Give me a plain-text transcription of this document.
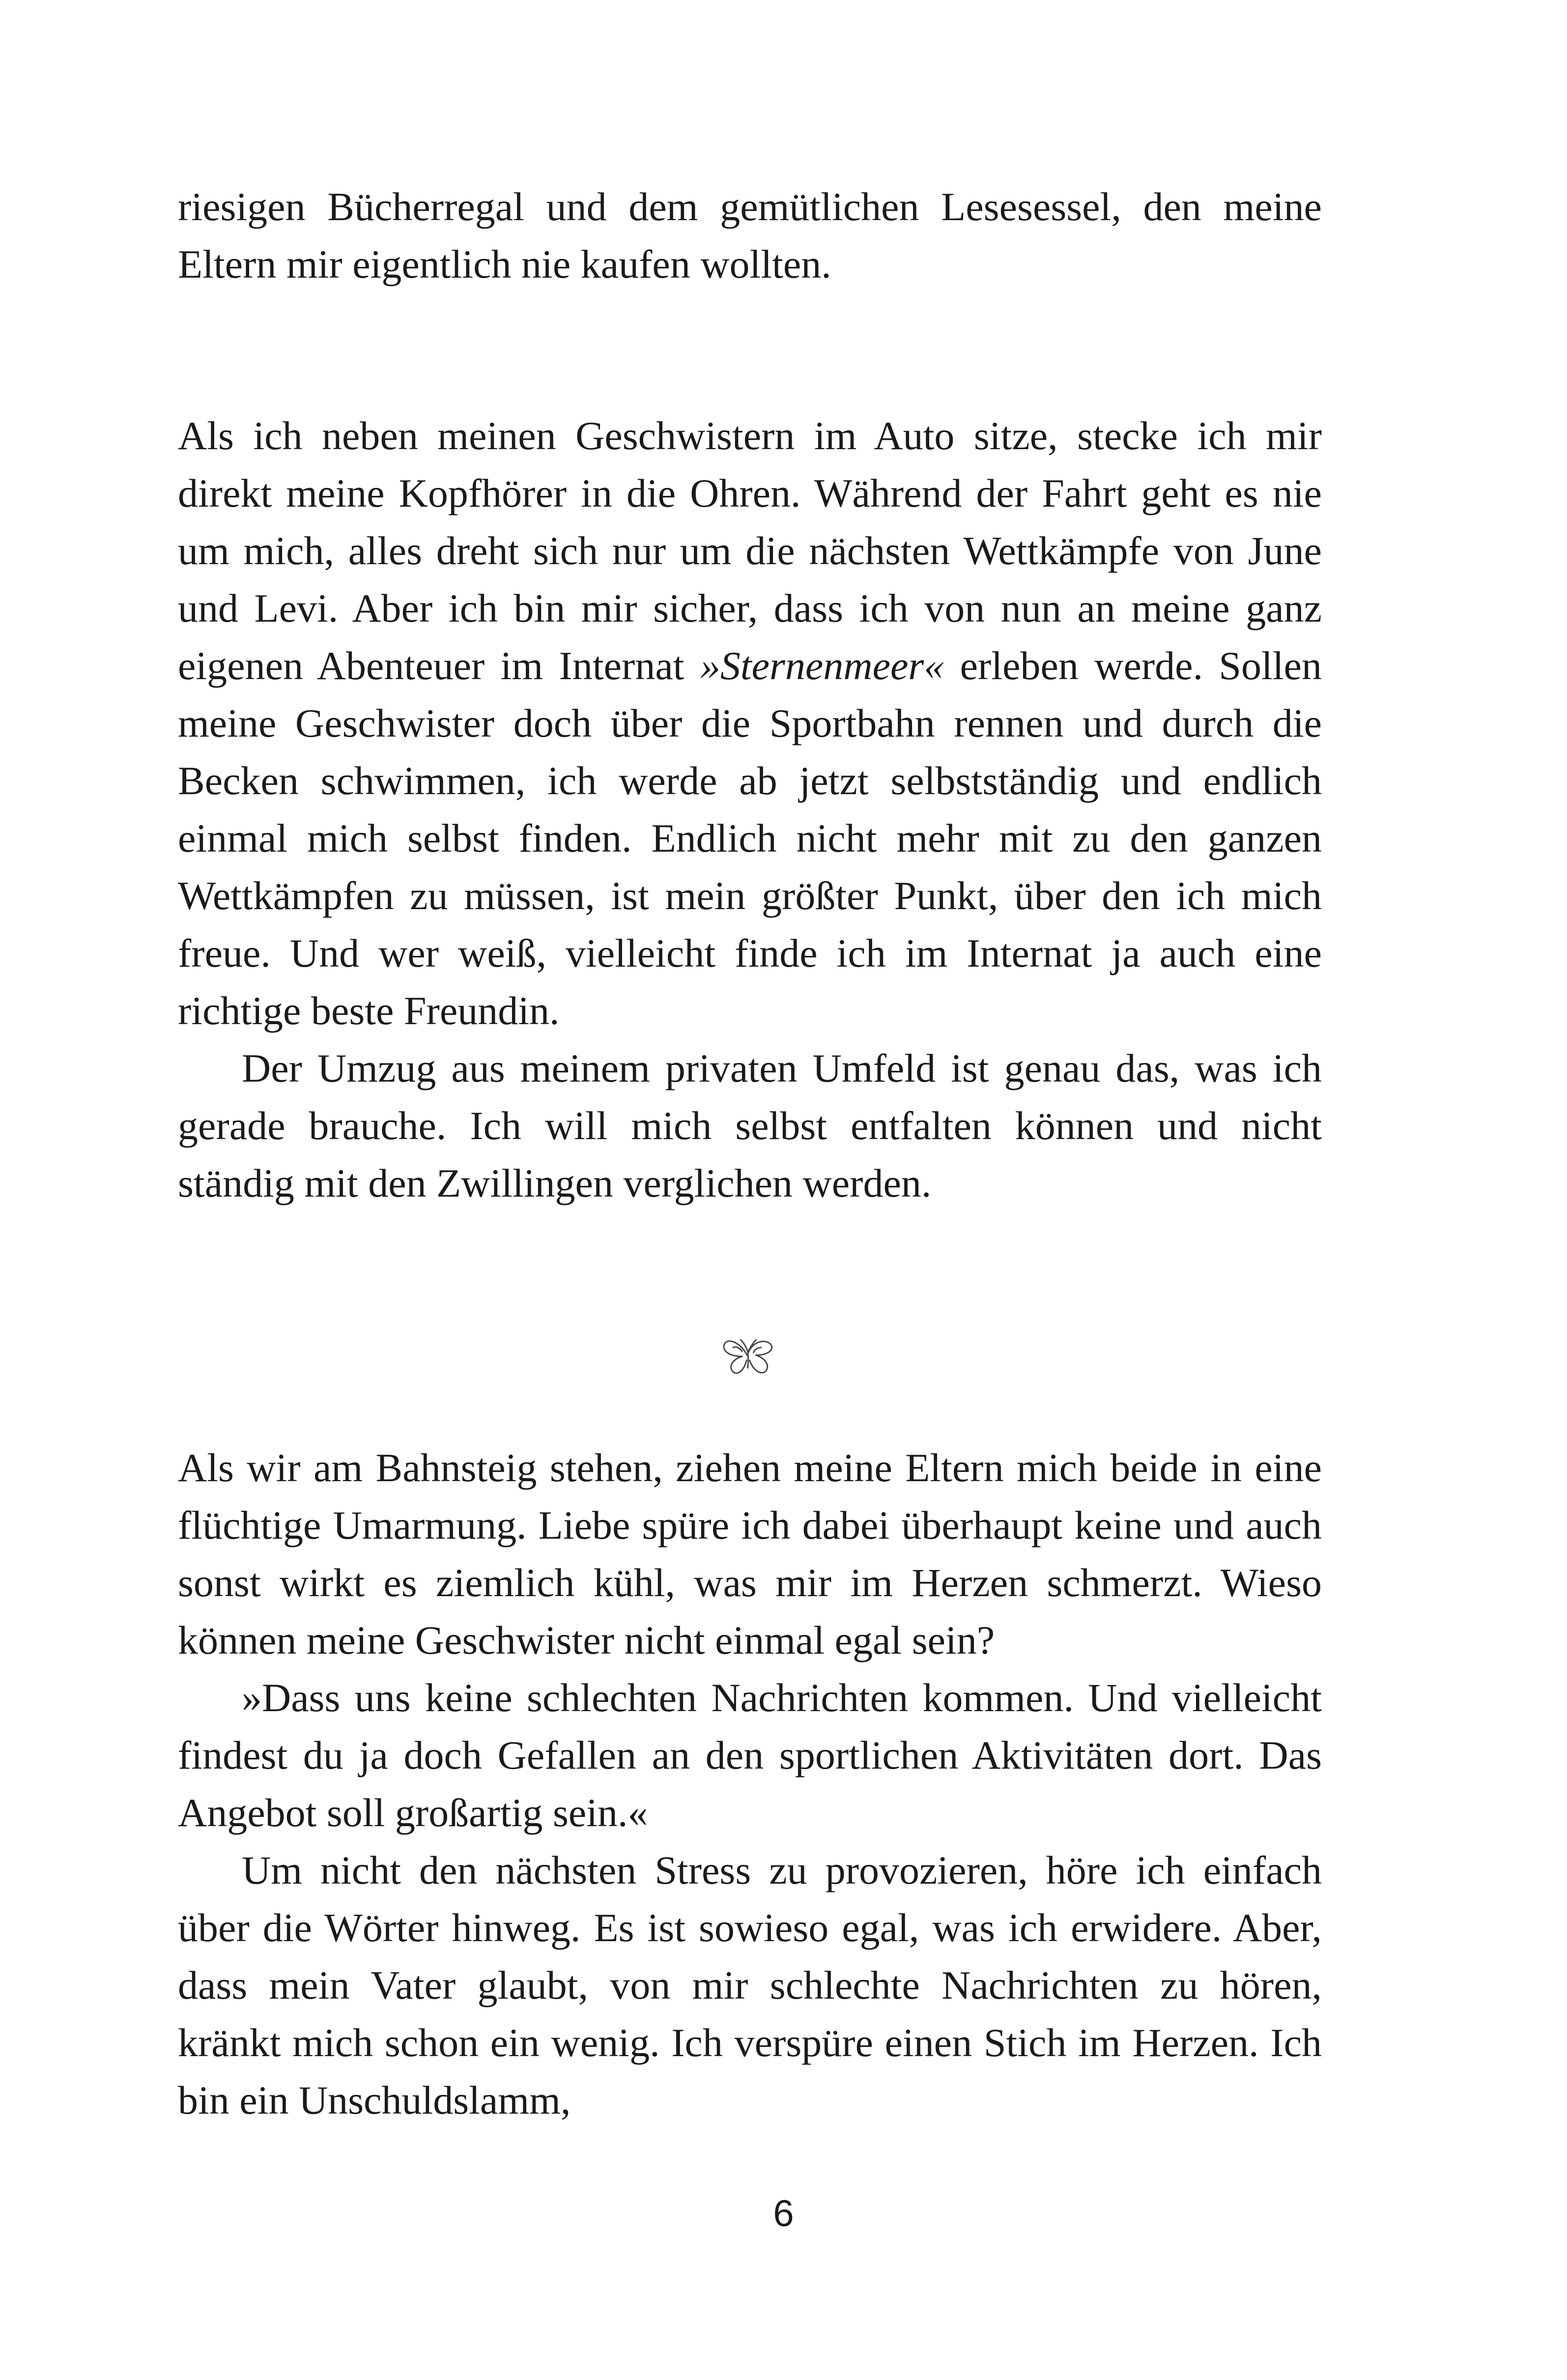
riesigen Bücherregal und dem gemütlichen Lesesessel, den meine Eltern mir eigentlich nie kaufen wollten.

Als ich neben meinen Geschwistern im Auto sitze, stecke ich mir direkt meine Kopfhörer in die Ohren. Während der Fahrt geht es nie um mich, alles dreht sich nur um die nächsten Wettkämpfe von June und Levi. Aber ich bin mir sicher, dass ich von nun an meine ganz eigenen Abenteuer im Internat »Sternenmeer« erleben werde. Sollen meine Geschwister doch über die Sportbahn rennen und durch die Becken schwimmen, ich werde ab jetzt selbstständig und endlich einmal mich selbst finden. Endlich nicht mehr mit zu den ganzen Wettkämpfen zu müssen, ist mein größter Punkt, über den ich mich freue. Und wer weiß, vielleicht finde ich im Internat ja auch eine richtige beste Freundin.

Der Umzug aus meinem privaten Umfeld ist genau das, was ich gerade brauche. Ich will mich selbst entfalten können und nicht ständig mit den Zwillingen verglichen werden.

Als wir am Bahnsteig stehen, ziehen meine Eltern mich beide in eine flüchtige Umarmung. Liebe spüre ich dabei überhaupt keine und auch sonst wirkt es ziemlich kühl, was mir im Herzen schmerzt. Wieso können meine Geschwister nicht einmal egal sein?

»Dass uns keine schlechten Nachrichten kommen. Und vielleicht findest du ja doch Gefallen an den sportlichen Aktivitäten dort. Das Angebot soll großartig sein.«

Um nicht den nächsten Stress zu provozieren, höre ich einfach über die Wörter hinweg. Es ist sowieso egal, was ich erwidere. Aber, dass mein Vater glaubt, von mir schlechte Nachrichten zu hören, kränkt mich schon ein wenig. Ich verspüre einen Stich im Herzen. Ich bin ein Unschuldslamm,

6
